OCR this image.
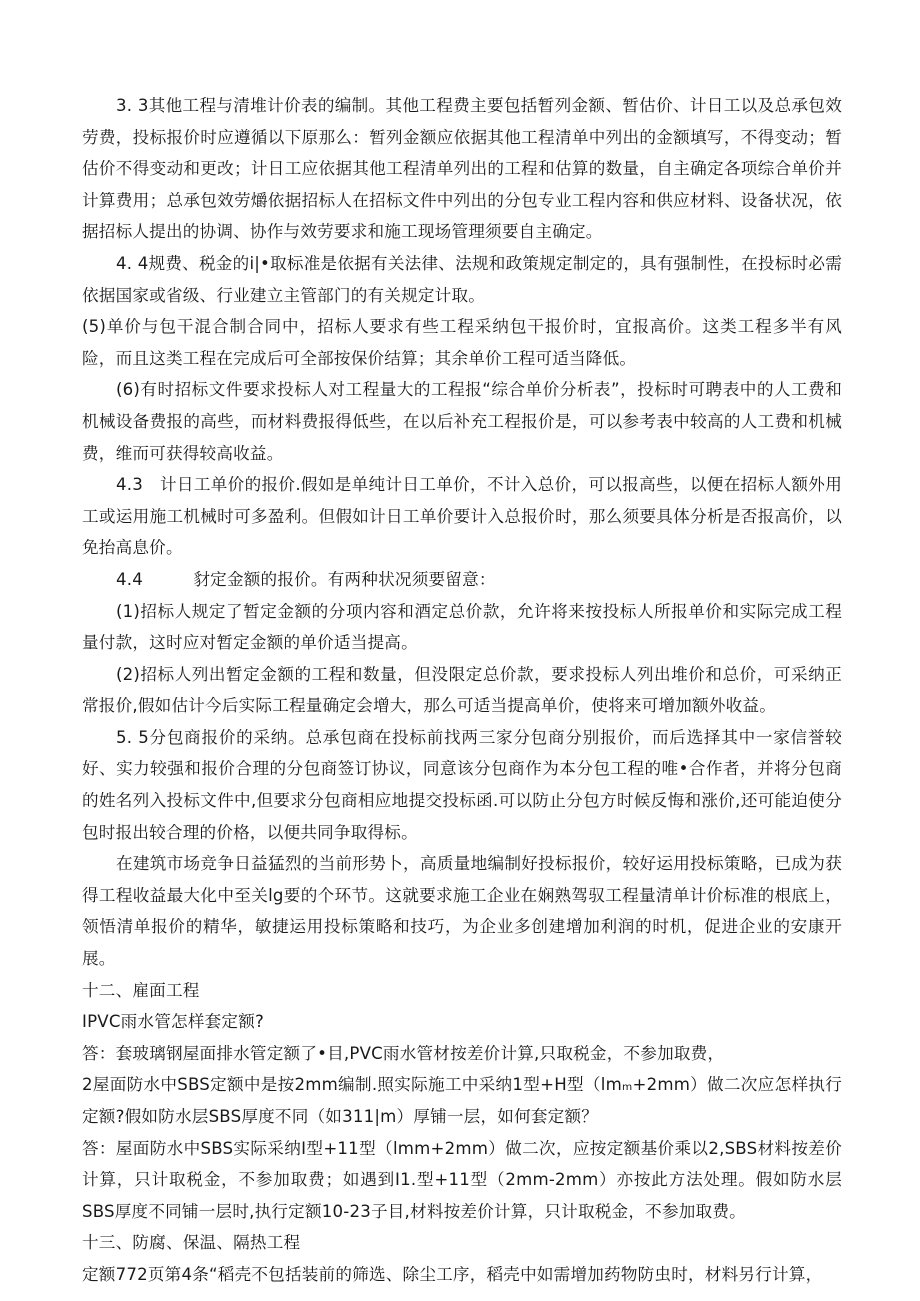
3. 3其他工程与清堆计价表的编制。其他工程费主要包括暂列金额、暂估价、计日工以及总承包效劳费，投标报价时应遵循以下原那么：暂列金额应依据其他工程清单中列出的金额填写，不得变动；暂估价不得变动和更改；计日工应依据其他工程清单列出的工程和估算的数量，自主确定各项综合单价并计算费用；总承包效劳爝依据招标人在招标文件中列出的分包专业工程内容和供应材料、设备状况，依据招标人提出的协调、协作与效劳要求和施工现场管理须要自主确定。

4. 4规费、税金的i|•取标准是依据有关法律、法规和政策规定制定的，具有强制性，在投标时必需依据国家或省级、行业建立主管部门的有关规定计取。

(5)单价与包干混合制合同中，招标人要求有些工程采纳包干报价时，宜报高价。这类工程多半有风险，而且这类工程在完成后可全部按保价结算；其余单价工程可适当降低。

(6)有时招标文件要求投标人对工程量大的工程报“综合单价分析表”，投标时可聘表中的人工费和机械设备费报的高些，而材料费报得低些，在以后补充工程报价是，可以参考表中较高的人工费和机械费，维而可获得较高收益。

4.3　计日工单价的报价.假如是单纯计日工单价，不计入总价，可以报高些，以便在招标人额外用工或运用施工机械时可多盈利。但假如计日工单价要计入总报价时，那么须要具体分析是否报高价，以免抬高息价。

4.4　　　豺定金额的报价。有两种状况须要留意：

(1)招标人规定了暂定金额的分项内容和酒定总价款，允许将来按投标人所报单价和实际完成工程量付款，这时应对暂定金额的单价适当提高。

(2)招标人列出暂定金额的工程和数量，但没限定总价款，要求投标人列出堆价和总价，可采纳正常报价,假如估计今后实际工程量确定会增大，那么可适当提高单价，使将来可增加额外收益。

5. 5分包商报价的采纳。总承包商在投标前找两三家分包商分别报价，而后选择其中一家信誉较好、实力较强和报价合理的分包商签订协议，同意该分包商作为本分包工程的唯•合作者，并将分包商的姓名列入投标文件中,但要求分包商相应地提交投标函.可以防止分包方时候反悔和涨价,还可能迫使分包时报出较合理的价格，以便共同争取得标。

在建筑市场竞争日益猛烈的当前形势卜，高质量地编制好投标报价，较好运用投标策略，已成为获得工程收益最大化中至关lg要的个环节。这就要求施工企业在娴熟驾驭工程量清单计价标准的根底上，领悟清单报价的精华，敏捷运用投标策略和技巧，为企业多创建增加利润的时机，促进企业的安康开展。

十二、雇面工程

IPVC雨水管怎样套定额?

答：套玻璃钢屋面排水管定额了•目,PVC雨水管材按差价计算,只取税金，不参加取费，

2屋面防水中SBS定额中是按2mm编制.照实际施工中采纳1型+H型（lmₘ+2mm）做二次应怎样执行定额?假如防水层SBS厚度不同（如311|m）厚铺一层，如何套定额？

答：屋面防水中SBS实际采纳I型+11型（lmm+2mm）做二次，应按定额基价乘以2,SBS材料按差价计算，只计取税金，不参加取费；如遇到I1.型+11型（2mm-2mm）亦按此方法处理。假如防水层SBS厚度不同铺一层时,执行定额10-23子目,材料按差价计算，只计取税金，不参加取费。

十三、防腐、保温、隔热工程

定额772页第4条“稻壳不包括装前的筛选、除尘工序，稻壳中如需增加药物防虫时，材料另行计算，
